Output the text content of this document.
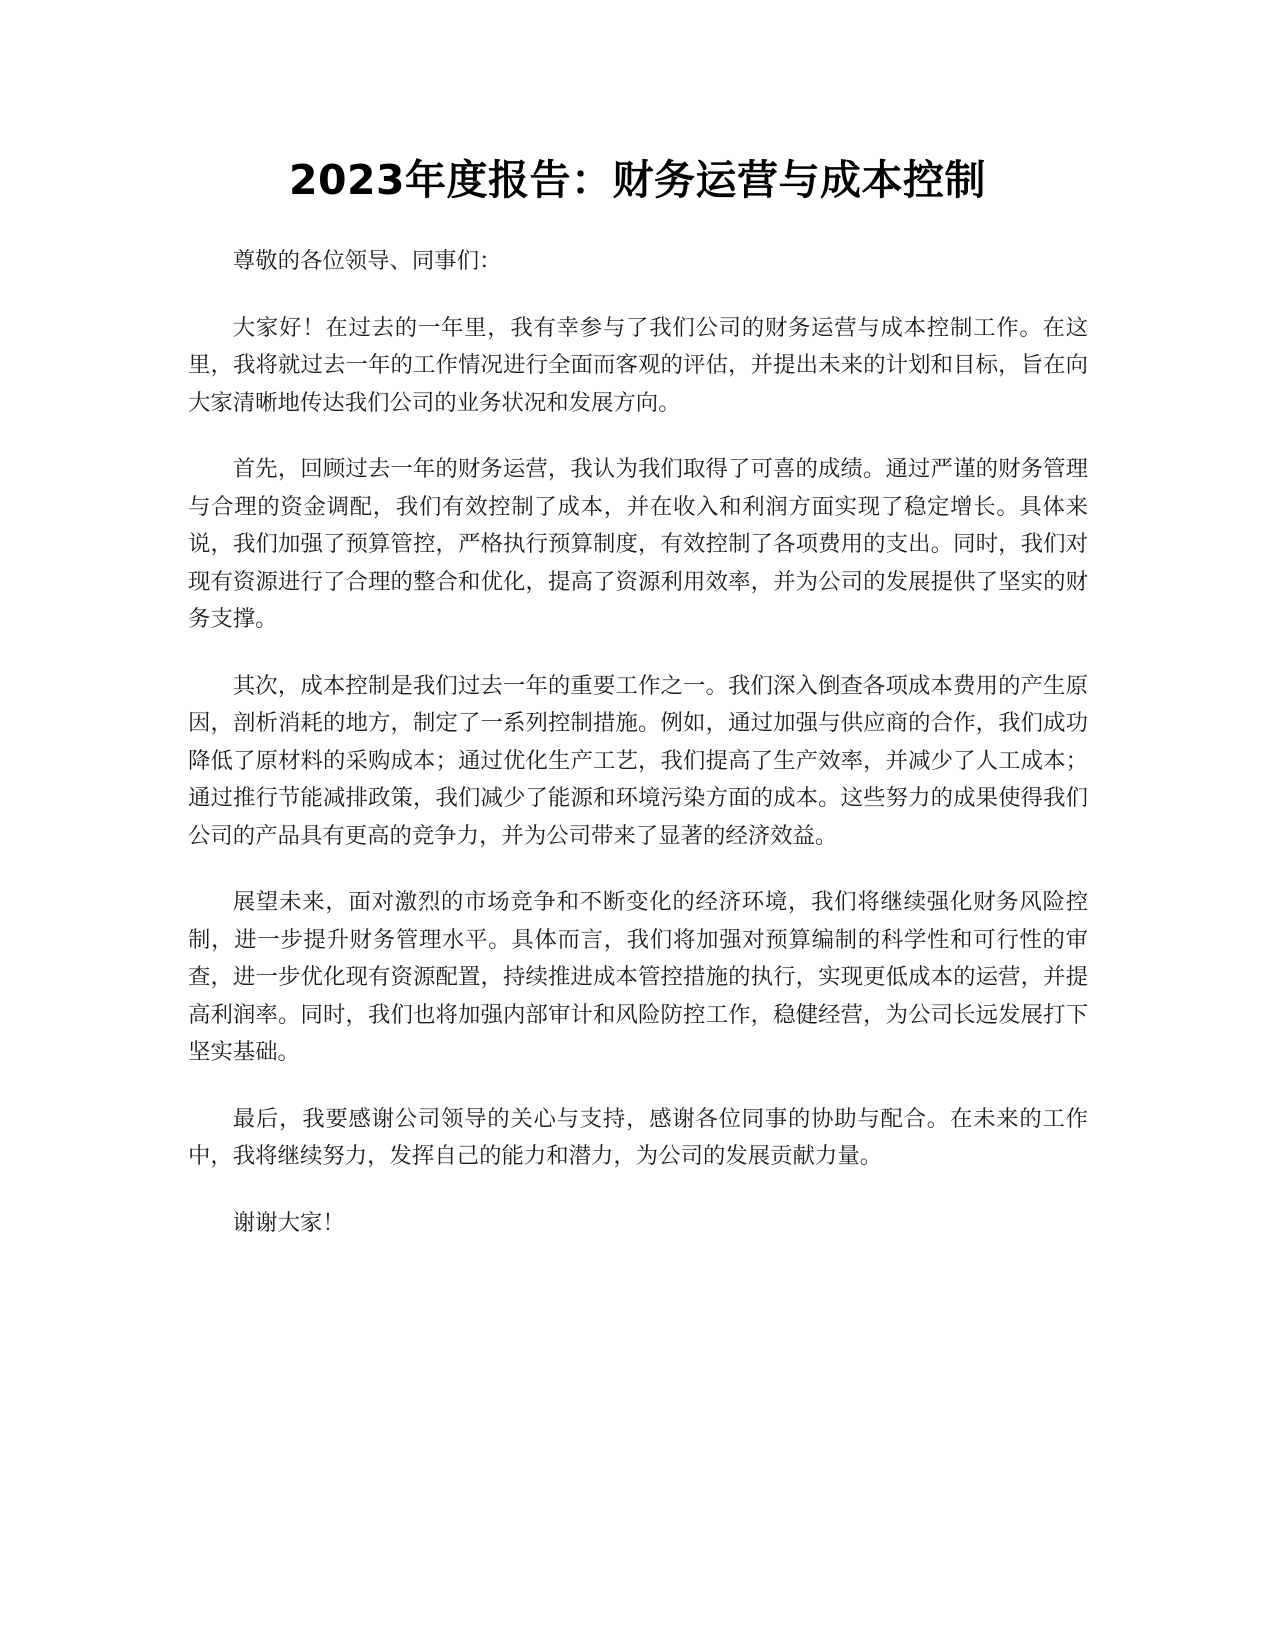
2023年度报告：财务运营与成本控制

尊敬的各位领导、同事们：

大家好！在过去的一年里，我有幸参与了我们公司的财务运营与成本控制工作。在这里，我将就过去一年的工作情况进行全面而客观的评估，并提出未来的计划和目标，旨在向大家清晰地传达我们公司的业务状况和发展方向。

首先，回顾过去一年的财务运营，我认为我们取得了可喜的成绩。通过严谨的财务管理与合理的资金调配，我们有效控制了成本，并在收入和利润方面实现了稳定增长。具体来说，我们加强了预算管控，严格执行预算制度，有效控制了各项费用的支出。同时，我们对现有资源进行了合理的整合和优化，提高了资源利用效率，并为公司的发展提供了坚实的财务支撑。

其次，成本控制是我们过去一年的重要工作之一。我们深入倒查各项成本费用的产生原因，剖析消耗的地方，制定了一系列控制措施。例如，通过加强与供应商的合作，我们成功降低了原材料的采购成本；通过优化生产工艺，我们提高了生产效率，并减少了人工成本；通过推行节能减排政策，我们减少了能源和环境污染方面的成本。这些努力的成果使得我们公司的产品具有更高的竞争力，并为公司带来了显著的经济效益。

展望未来，面对激烈的市场竞争和不断变化的经济环境，我们将继续强化财务风险控制，进一步提升财务管理水平。具体而言，我们将加强对预算编制的科学性和可行性的审查，进一步优化现有资源配置，持续推进成本管控措施的执行，实现更低成本的运营，并提高利润率。同时，我们也将加强内部审计和风险防控工作，稳健经营，为公司长远发展打下坚实基础。

最后，我要感谢公司领导的关心与支持，感谢各位同事的协助与配合。在未来的工作中，我将继续努力，发挥自己的能力和潜力，为公司的发展贡献力量。

谢谢大家！
